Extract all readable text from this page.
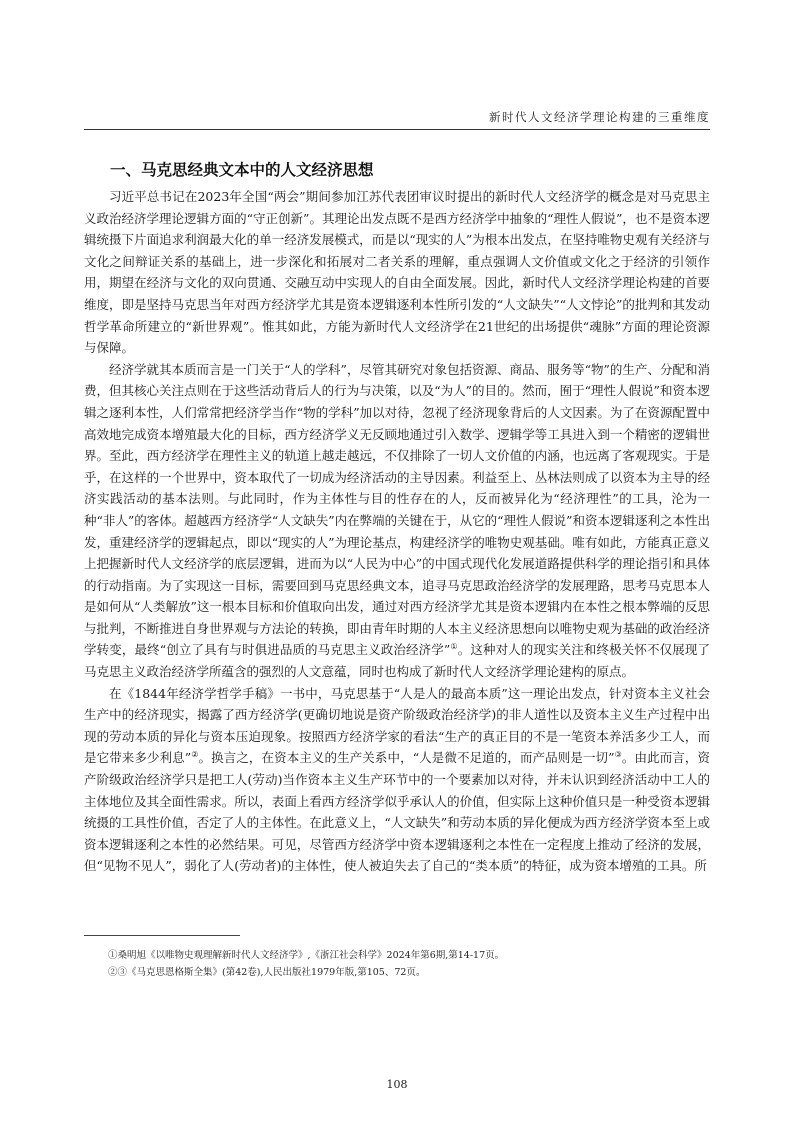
新时代人文经济学理论构建的三重维度
一、马克思经典文本中的人文经济思想

习近平总书记在2023年全国“两会”期间参加江苏代表团审议时提出的新时代人文经济学的概念是对马克思主义政治经济学理论逻辑方面的“守正创新”。其理论出发点既不是西方经济学中抽象的“理性人假说”，也不是资本逻辑统摄下片面追求利润最大化的单一经济发展模式，而是以“现实的人”为根本出发点，在坚持唯物史观有关经济与文化之间辩证关系的基础上，进一步深化和拓展对二者关系的理解，重点强调人文价值或文化之于经济的引领作用，期望在经济与文化的双向贯通、交融互动中实现人的自由全面发展。因此，新时代人文经济学理论构建的首要维度，即是坚持马克思当年对西方经济学尤其是资本逻辑逐利本性所引发的“人文缺失”“人文悖论”的批判和其发动哲学革命所建立的“新世界观”。惟其如此，方能为新时代人文经济学在21世纪的出场提供“魂脉”方面的理论资源与保障。

经济学就其本质而言是一门关于“人的学科”，尽管其研究对象包括资源、商品、服务等“物”的生产、分配和消费，但其核心关注点则在于这些活动背后人的行为与决策，以及“为人”的目的。然而，囿于“理性人假说”和资本逻辑之逐利本性，人们常常把经济学当作“物的学科”加以对待，忽视了经济现象背后的人文因素。为了在资源配置中高效地完成资本增殖最大化的目标，西方经济学义无反顾地通过引入数学、逻辑学等工具进入到一个精密的逻辑世界。至此，西方经济学在理性主义的轨道上越走越远，不仅排除了一切人文价值的内涵，也远离了客观现实。于是乎，在这样的一个世界中，资本取代了一切成为经济活动的主导因素。利益至上、丛林法则成了以资本为主导的经济实践活动的基本法则。与此同时，作为主体性与目的性存在的人，反而被异化为“经济理性”的工具，沦为一种“非人”的客体。超越西方经济学“人文缺失”内在弊端的关键在于，从它的“理性人假说”和资本逻辑逐利之本性出发，重建经济学的逻辑起点，即以“现实的人”为理论基点，构建经济学的唯物史观基础。唯有如此，方能真正意义上把握新时代人文经济学的底层逻辑，进而为以“人民为中心”的中国式现代化发展道路提供科学的理论指引和具体的行动指南。为了实现这一目标，需要回到马克思经典文本，追寻马克思政治经济学的发展理路，思考马克思本人是如何从“人类解放”这一根本目标和价值取向出发，通过对西方经济学尤其是资本逻辑内在本性之根本弊端的反思与批判，不断推进自身世界观与方法论的转换，即由青年时期的人本主义经济思想向以唯物史观为基础的政治经济学转变，最终“创立了具有与时俱进品质的马克思主义政治经济学”①。这种对人的现实关注和终极关怀不仅展现了马克思主义政治经济学所蕴含的强烈的人文意蕴，同时也构成了新时代人文经济学理论建构的原点。

在《1844年经济学哲学手稿》一书中，马克思基于“人是人的最高本质”这一理论出发点，针对资本主义社会生产中的经济现实，揭露了西方经济学(更确切地说是资产阶级政治经济学)的非人道性以及资本主义生产过程中出现的劳动本质的异化与资本压迫现象。按照西方经济学家的看法“生产的真正目的不是一笔资本养活多少工人，而是它带来多少利息”②。换言之，在资本主义的生产关系中，“人是微不足道的，而产品则是一切”③。由此而言，资产阶级政治经济学只是把工人(劳动)当作资本主义生产环节中的一个要素加以对待，并未认识到经济活动中工人的主体地位及其全面性需求。所以，表面上看西方经济学似乎承认人的价值，但实际上这种价值只是一种受资本逻辑统摄的工具性价值，否定了人的主体性。在此意义上，“人文缺失”和劳动本质的异化便成为西方经济学资本至上或资本逻辑逐利之本性的必然结果。可见，尽管西方经济学中资本逻辑逐利之本性在一定程度上推动了经济的发展，但“见物不见人”，弱化了人(劳动者)的主体性，使人被迫失去了自己的“类本质”的特征，成为资本增殖的工具。所

①桑明旭《以唯物史观理解新时代人文经济学》,《浙江社会科学》2024年第6期,第14-17页。
②③《马克思恩格斯全集》(第42卷),人民出版社1979年版,第105、72页。
108
